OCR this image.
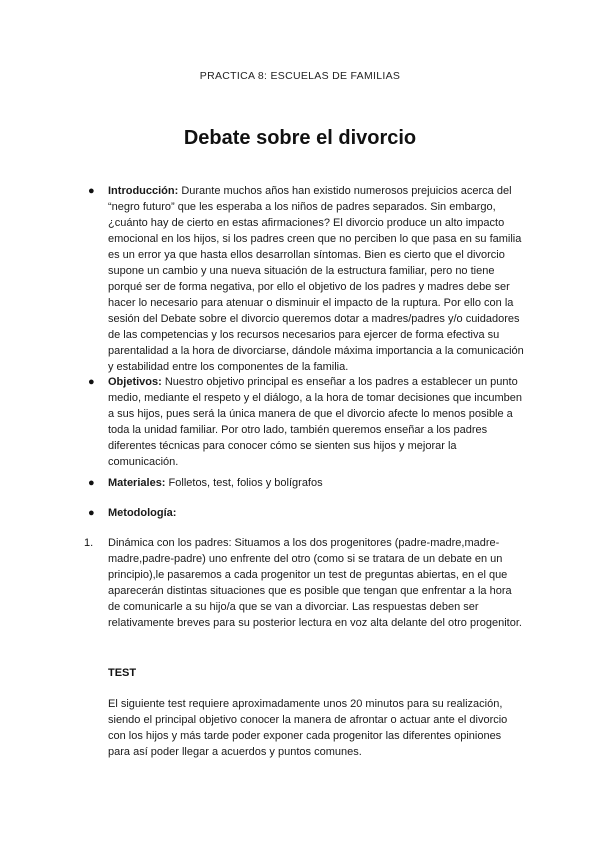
PRACTICA 8: ESCUELAS DE FAMILIAS
Debate sobre el divorcio
● Introducción: Durante muchos años han existido numerosos prejuicios acerca del “negro futuro” que les esperaba a los niños de padres separados. Sin embargo, ¿cuánto hay de cierto en estas afirmaciones? El divorcio produce un alto impacto emocional en los hijos, si los padres creen que no perciben lo que pasa en su familia es un error ya que hasta ellos desarrollan síntomas. Bien es cierto que el divorcio supone un cambio y una nueva situación de la estructura familiar, pero no tiene porqué ser de forma negativa, por ello el objetivo de los padres y madres debe ser hacer lo necesario para atenuar o disminuir el impacto de la ruptura. Por ello con la sesión del Debate sobre el divorcio queremos dotar a madres/padres y/o cuidadores de las competencias y los recursos necesarios para ejercer de forma efectiva su parentalidad a la hora de divorciarse, dándole máxima importancia a la comunicación y estabilidad entre los componentes de la familia.
● Objetivos: Nuestro objetivo principal es enseñar a los padres a establecer un punto medio, mediante el respeto y el diálogo, a la hora de tomar decisiones que incumben a sus hijos, pues será la única manera de que el divorcio afecte lo menos posible a toda la unidad familiar. Por otro lado, también queremos enseñar a los padres diferentes técnicas para conocer cómo se sienten sus hijos y mejorar la comunicación.
● Materiales: Folletos, test, folios y bolígrafos
● Metodología:
1. Dinámica con los padres: Situamos a los dos progenitores (padre-madre,madre-madre,padre-padre) uno enfrente del otro (como si se tratara de un debate en un principio),le pasaremos a cada progenitor un test de preguntas abiertas, en el que aparecerán distintas situaciones que es posible que tengan que enfrentar a la hora de comunicarle a su hijo/a que se van a divorciar. Las respuestas deben ser relativamente breves para su posterior lectura en voz alta delante del otro progenitor.
TEST
El siguiente test requiere aproximadamente unos 20 minutos para su realización, siendo el principal objetivo conocer la manera de afrontar o actuar ante el divorcio con los hijos y más tarde poder exponer cada progenitor las diferentes opiniones para así poder llegar a acuerdos y puntos comunes.
